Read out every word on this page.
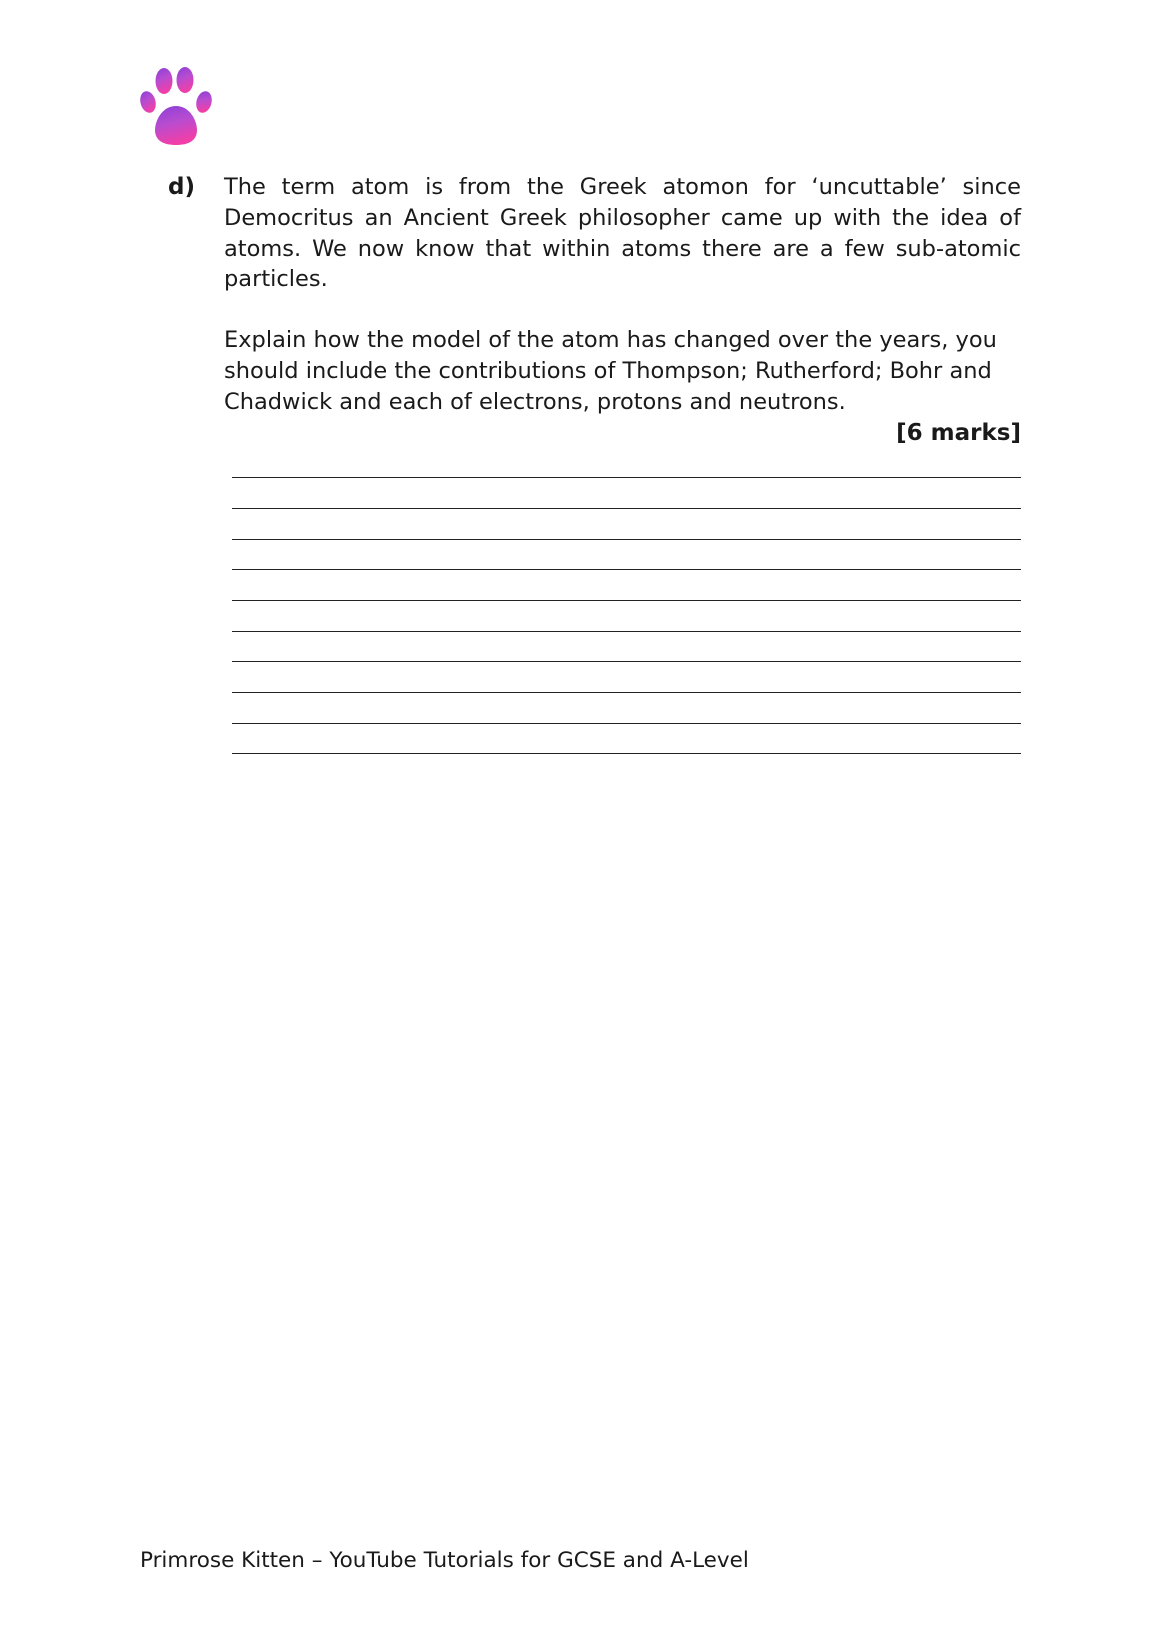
d) The term atom is from the Greek atomon for ‘uncuttable’ since Democritus an Ancient Greek philosopher came up with the idea of atoms. We now know that within atoms there are a few sub-atomic particles.

Explain how the model of the atom has changed over the years, you should include the contributions of Thompson; Rutherford; Bohr and Chadwick and each of electrons, protons and neutrons.

[6 marks]
Primrose Kitten – YouTube Tutorials for GCSE and A-Level
